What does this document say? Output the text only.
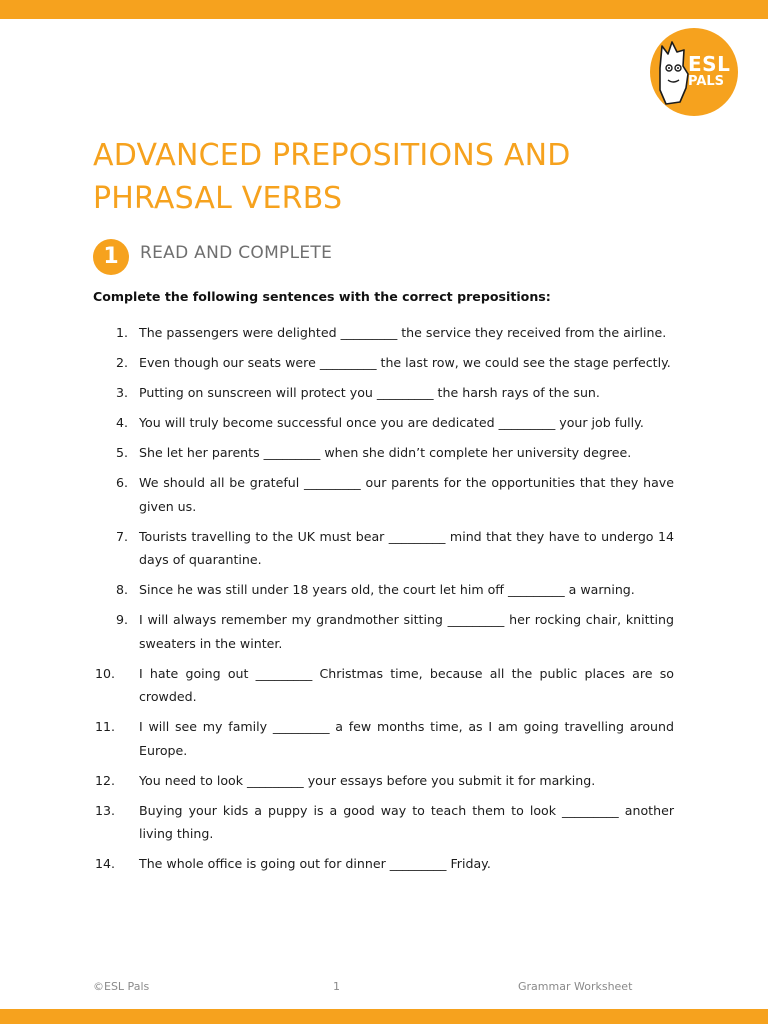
ESL
PALS
ADVANCED PREPOSITIONS AND PHRASAL VERBS
1	READ AND COMPLETE
Complete the following sentences with the correct prepositions:
1. The passengers were delighted _________ the service they received from the airline.
2. Even though our seats were _________ the last row, we could see the stage perfectly.
3. Putting on sunscreen will protect you _________ the harsh rays of the sun.
4. You will truly become successful once you are dedicated _________ your job fully.
5. She let her parents _________ when she didn’t complete her university degree.
6. We should all be grateful _________ our parents for the opportunities that they have given us.
7. Tourists travelling to the UK must bear _________ mind that they have to undergo 14 days of quarantine.
8. Since he was still under 18 years old, the court let him off _________ a warning.
9. I will always remember my grandmother sitting _________ her rocking chair, knitting sweaters in the winter.
10. I hate going out _________ Christmas time, because all the public places are so crowded.
11. I will see my family _________ a few months time, as I am going travelling around Europe.
12. You need to look _________ your essays before you submit it for marking.
13. Buying your kids a puppy is a good way to teach them to look _________ another living thing.
14. The whole office is going out for dinner _________ Friday.
©ESL Pals	1	Grammar Worksheet
